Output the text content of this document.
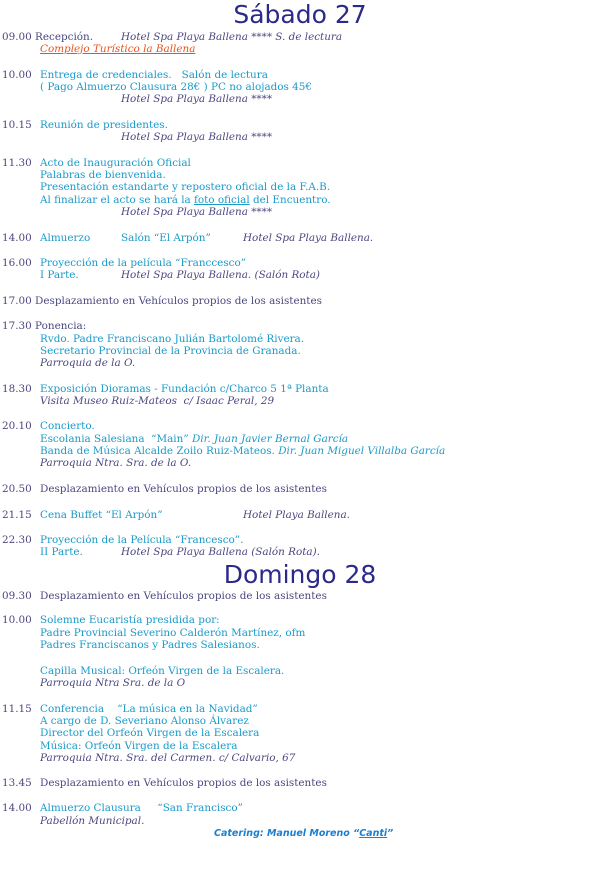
Sábado 27
09.00 Recepción.	Hotel Spa Playa Ballena **** S. de lectura
Complejo Turístico la Ballena
10.00 Entrega de credenciales.   Salón de lectura
( Pago Almuerzo Clausura 28€ ) PC no alojados 45€
Hotel Spa Playa Ballena ****
10.15 Reunión de presidentes.
Hotel Spa Playa Ballena ****
11.30 Acto de Inauguración Oficial
Palabras de bienvenida.
Presentación estandarte y repostero oficial de la F.A.B.
Al finalizar el acto se hará la foto oficial del Encuentro.
Hotel Spa Playa Ballena ****
14.00 Almuerzo	Salón “El Arpón”	Hotel Spa Playa Ballena.
16.00 Proyección de la película “Franccesco”
I Parte.	Hotel Spa Playa Ballena. (Salón Rota)
17.00 Desplazamiento en Vehículos propios de los asistentes
17.30 Ponencia:
Rvdo. Padre Franciscano Julián Bartolomé Rivera.
Secretario Provincial de la Provincia de Granada.
Parroquia de la O.
18.30 Exposición Dioramas - Fundación c/Charco 5 1ª Planta
Visita Museo Ruiz-Mateos  c/ Isaac Peral, 29
20.10 Concierto.
Escolania Salesiana  “Main” Dir. Juan Javier Bernal García
Banda de Música Alcalde Zoilo Ruiz-Mateos. Dir. Juan Miguel Villalba García
Parroquia Ntra. Sra. de la O.
20.50 Desplazamiento en Vehículos propios de los asistentes
21.15 Cena Buffet “El Arpón”	Hotel Playa Ballena.
22.30 Proyección de la Película “Francesco”.
II Parte.	Hotel Spa Playa Ballena (Salón Rota).
Domingo 28
09.30 Desplazamiento en Vehículos propios de los asistentes
10.00 Solemne Eucaristía presidida por:
Padre Provincial Severino Calderón Martínez, ofm
Padres Franciscanos y Padres Salesianos.
Capilla Musical: Orfeón Virgen de la Escalera.
Parroquia Ntra Sra. de la O
11.15 Conferencia    “La música en la Navidad”
A cargo de D. Severiano Alonso Álvarez
Director del Orfeón Virgen de la Escalera
Música: Orfeón Virgen de la Escalera
Parroquia Ntra. Sra. del Carmen. c/ Calvario, 67
13.45 Desplazamiento en Vehículos propios de los asistentes
14.00 Almuerzo Clausura     “San Francisco”
Pabellón Municipal.
Catering: Manuel Moreno “Canti”
